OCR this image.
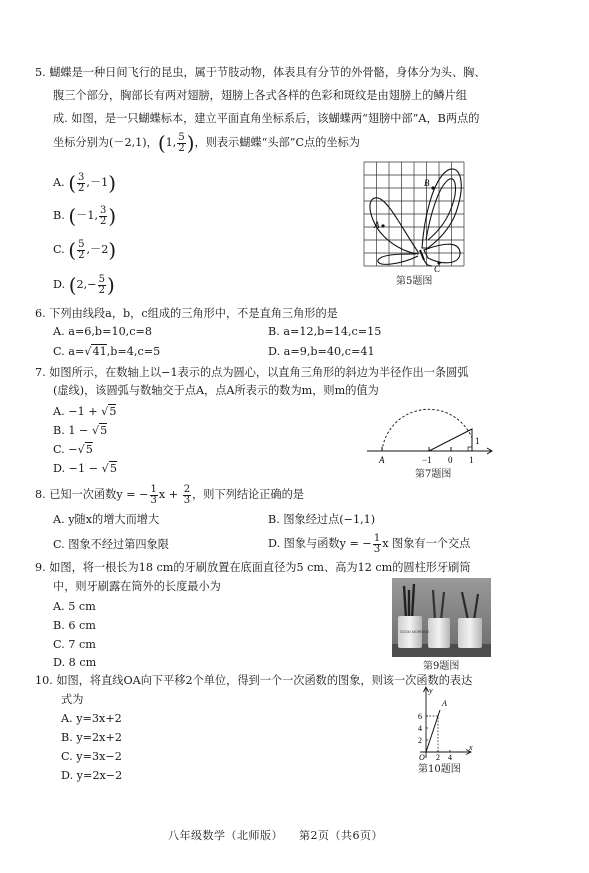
5. 蝴蝶是一种日间飞行的昆虫，属于节肢动物，体表具有分节的外骨骼，身体分为头、胸、
腹三个部分，胸部长有两对翅膀，翅膀上各式各样的色彩和斑纹是由翅膀上的鳞片组
成. 如图，是一只蝴蝶标本，建立平面直角坐标系后，该蝴蝶两“翅膀中部”A，B两点的
坐标分别为(－2,1)，(1, $\frac{5}{2}$ )，则表示蝴蝶“头部”C点的坐标为
A. ( $\frac{3}{2} ,-1$)
B. (－1, $\frac{3}{2}$ )
C. ( $\frac{5}{2} ,-2$)
D. ($2,- \frac{5}{2}$ )
A
B
C
第5题图
6. 下列由线段a，b，c组成的三角形中，不是直角三角形的是
A. a=6,b=10,c=8	B. a=12,b=14,c=15
C. a=√41,b=4,c=5	D. a=9,b=40,c=41
7. 如图所示，在数轴上以−1表示的点为圆心，以直角三角形的斜边为半径作出一条圆弧
(虚线)，该圆弧与数轴交于点A，点A所表示的数为m，则m的值为
A. −1 + √5
B. 1 − √5
C. −√5
D. −1 − √5
A	−1 0 1
1
第7题图
8. 已知一次函数y = − $\frac{1}{3}$ $x + \frac{2}{3}$ ，则下列结论正确的是
A. y随x的增大而增大	B. 图象经过点(−1,1)
C. 图象不经过第四象限	D. 图象与函数y = − $\frac{1}{3}$ x 图象有一个交点
9. 如图，将一根长为18 cm的牙刷放置在底面直径为5 cm、高为12 cm的圆柱形牙刷筒
中，则牙刷露在筒外的长度最小为
A. 5 cm
B. 6 cm
C. 7 cm
D. 8 cm
GOOD MORNING
第9题图
10. 如图，将直线OA向下平移2个单位，得到一个一次函数的图象，则该一次函数的表达
式为
A. y=3x+2
B. y=2x+2
C. y=3x−2
D. y=2x−2
y
x
A
O
6
4
2
2 4
第10题图
八年级数学（北师版）    第2页（共6页）
